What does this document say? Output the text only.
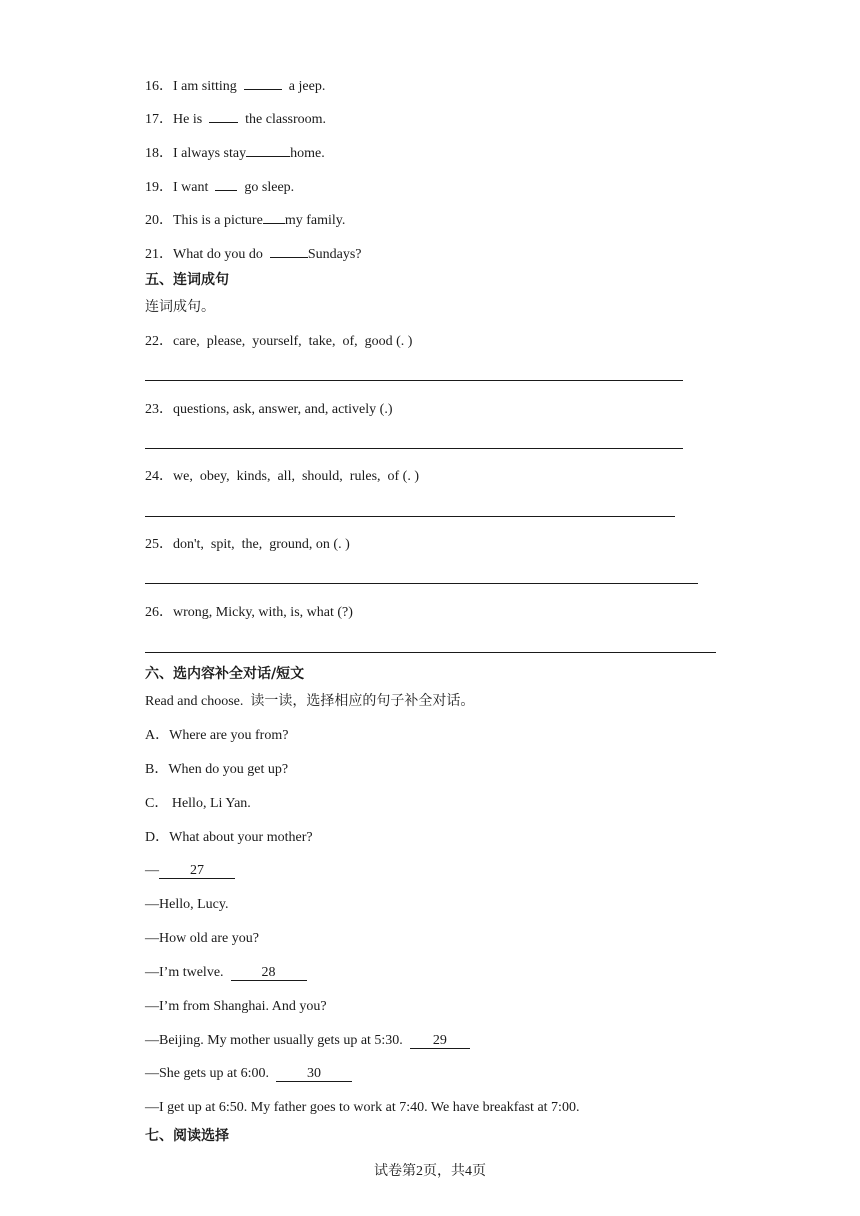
16．I am sitting	a jeep.
17．He is	the classroom.
18．I always stay	home.
19．I want	go sleep.
20．This is a picture my family.
21．What do you do	Sundays?
五、连词成句
连词成句。
22．care,  please,  yourself,  take,  of,  good (. )
23．questions, ask, answer, and, actively (.)
24．we,  obey,  kinds,  all,  should,  rules,  of (. )
25．don't,  spit,  the,  ground, on (. )
26．wrong, Micky, with, is, what (?)
六、选内容补全对话/短文
Read and choose.  读一读，选择相应的句子补全对话。
A．Where are you from?
B．When do you get up?
C． Hello, Li Yan.
D．What about your mother?
— 27
—Hello, Lucy.
—How old are you?
—I’m twelve.	28
—I’m from Shanghai. And you?
—Beijing. My mother usually gets up at 5:30. 29
—She gets up at 6:00.	30
—I get up at 6:50. My father goes to work at 7:40. We have breakfast at 7:00.
七、阅读选择
试卷第2页，共4页
